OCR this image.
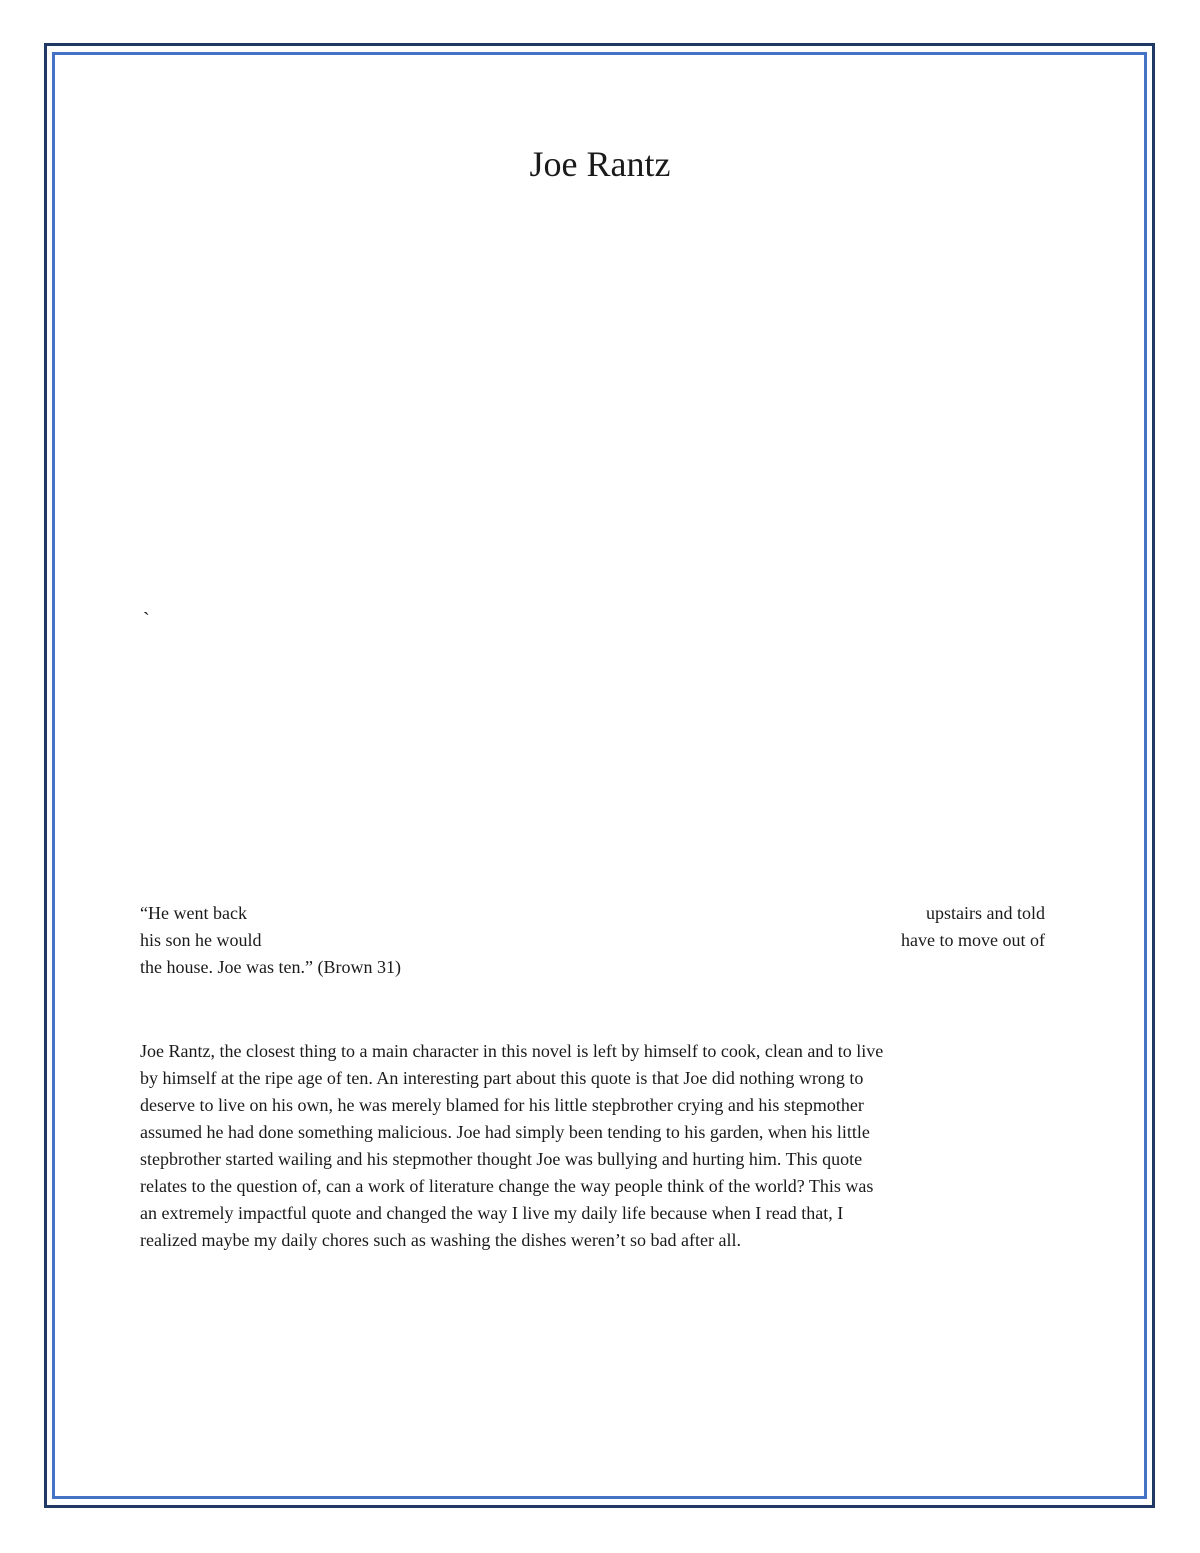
Joe Rantz
`
“He went back	upstairs and told
his son he would	have to move out of
the house. Joe was ten.” (Brown 31)
Joe Rantz, the closest thing to a main character in this novel is left by himself to cook, clean and to live
by himself at the ripe age of ten. An interesting part about this quote is that Joe did nothing wrong to
deserve to live on his own, he was merely blamed for his little stepbrother crying and his stepmother
assumed he had done something malicious. Joe had simply been tending to his garden, when his little
stepbrother started wailing and his stepmother thought Joe was bullying and hurting him. This quote
relates to the question of, can a work of literature change the way people think of the world? This was
an extremely impactful quote and changed the way I live my daily life because when I read that, I
realized maybe my daily chores such as washing the dishes weren’t so bad after all.
